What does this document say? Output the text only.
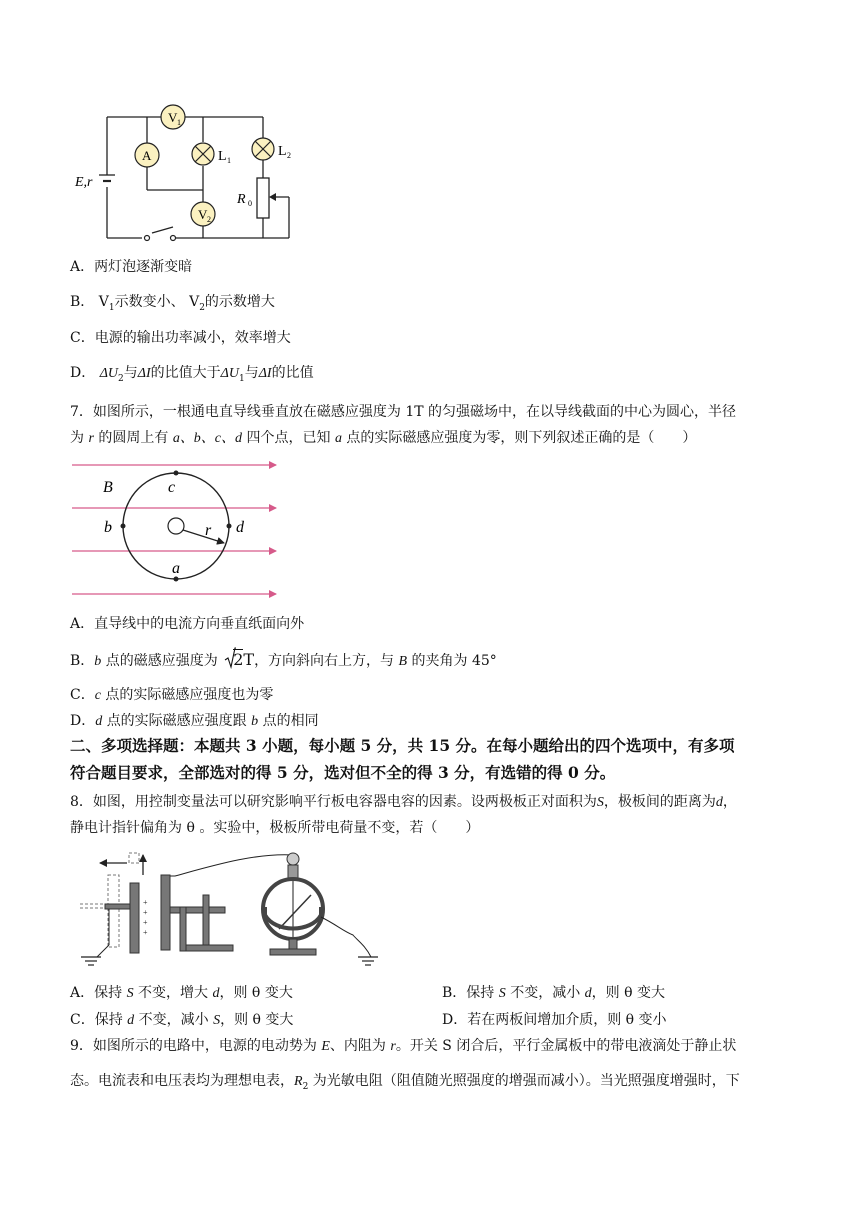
V 1
A	L 1
V 2
L 2
E,r
R 0
A．两灯泡逐渐变暗
B． $V_1$示数变小、 $V_2$的示数增大
C．电源的输出功率减小，效率增大
D． $\Delta U_2$与ΔI的比值大于$\Delta U_1$与ΔI的比值
7．如图所示，一根通电直导线垂直放在磁感应强度为 1T 的匀强磁场中，在以导线截面的中心为圆心，半径
为 r 的圆周上有 a、b、c、d 四个点，已知 a 点的实际磁感应强度为零，则下列叙述正确的是（　　）
B	c
b	r d
a
A．直导线中的电流方向垂直纸面向外
B．b 点的磁感应强度为 2T，方向斜向右上方，与 B 的夹角为 45°
C．c 点的实际磁感应强度也为零
D．d 点的实际磁感应强度跟 b 点的相同
二、多项选择题：本题共 3 小题，每小题 5 分，共 15 分。在每小题给出的四个选项中，有多项
符合题目要求，全部选对的得 5 分，选对但不全的得 3 分，有选错的得 0 分。
8．如图，用控制变量法可以研究影响平行板电容器电容的因素。设两极板正对面积为S，极板间的距离为d，
静电计指针偏角为 θ 。实验中，极板所带电荷量不变，若（　　）
+
+
+
+
A．保持 S 不变，增大 d，则 θ 变大	B．保持 S 不变，减小 d，则 θ 变大
C．保持 d 不变，减小 S，则 θ 变大	D．若在两板间增加介质，则 θ 变小
9．如图所示的电路中，电源的电动势为 E、内阻为 r。开关 S 闭合后，平行金属板中的带电液滴处于静止状
态。电流表和电压表均为理想电表，$R_2$ 为光敏电阻（阻值随光照强度的增强而减小）。当光照强度增强时，下
